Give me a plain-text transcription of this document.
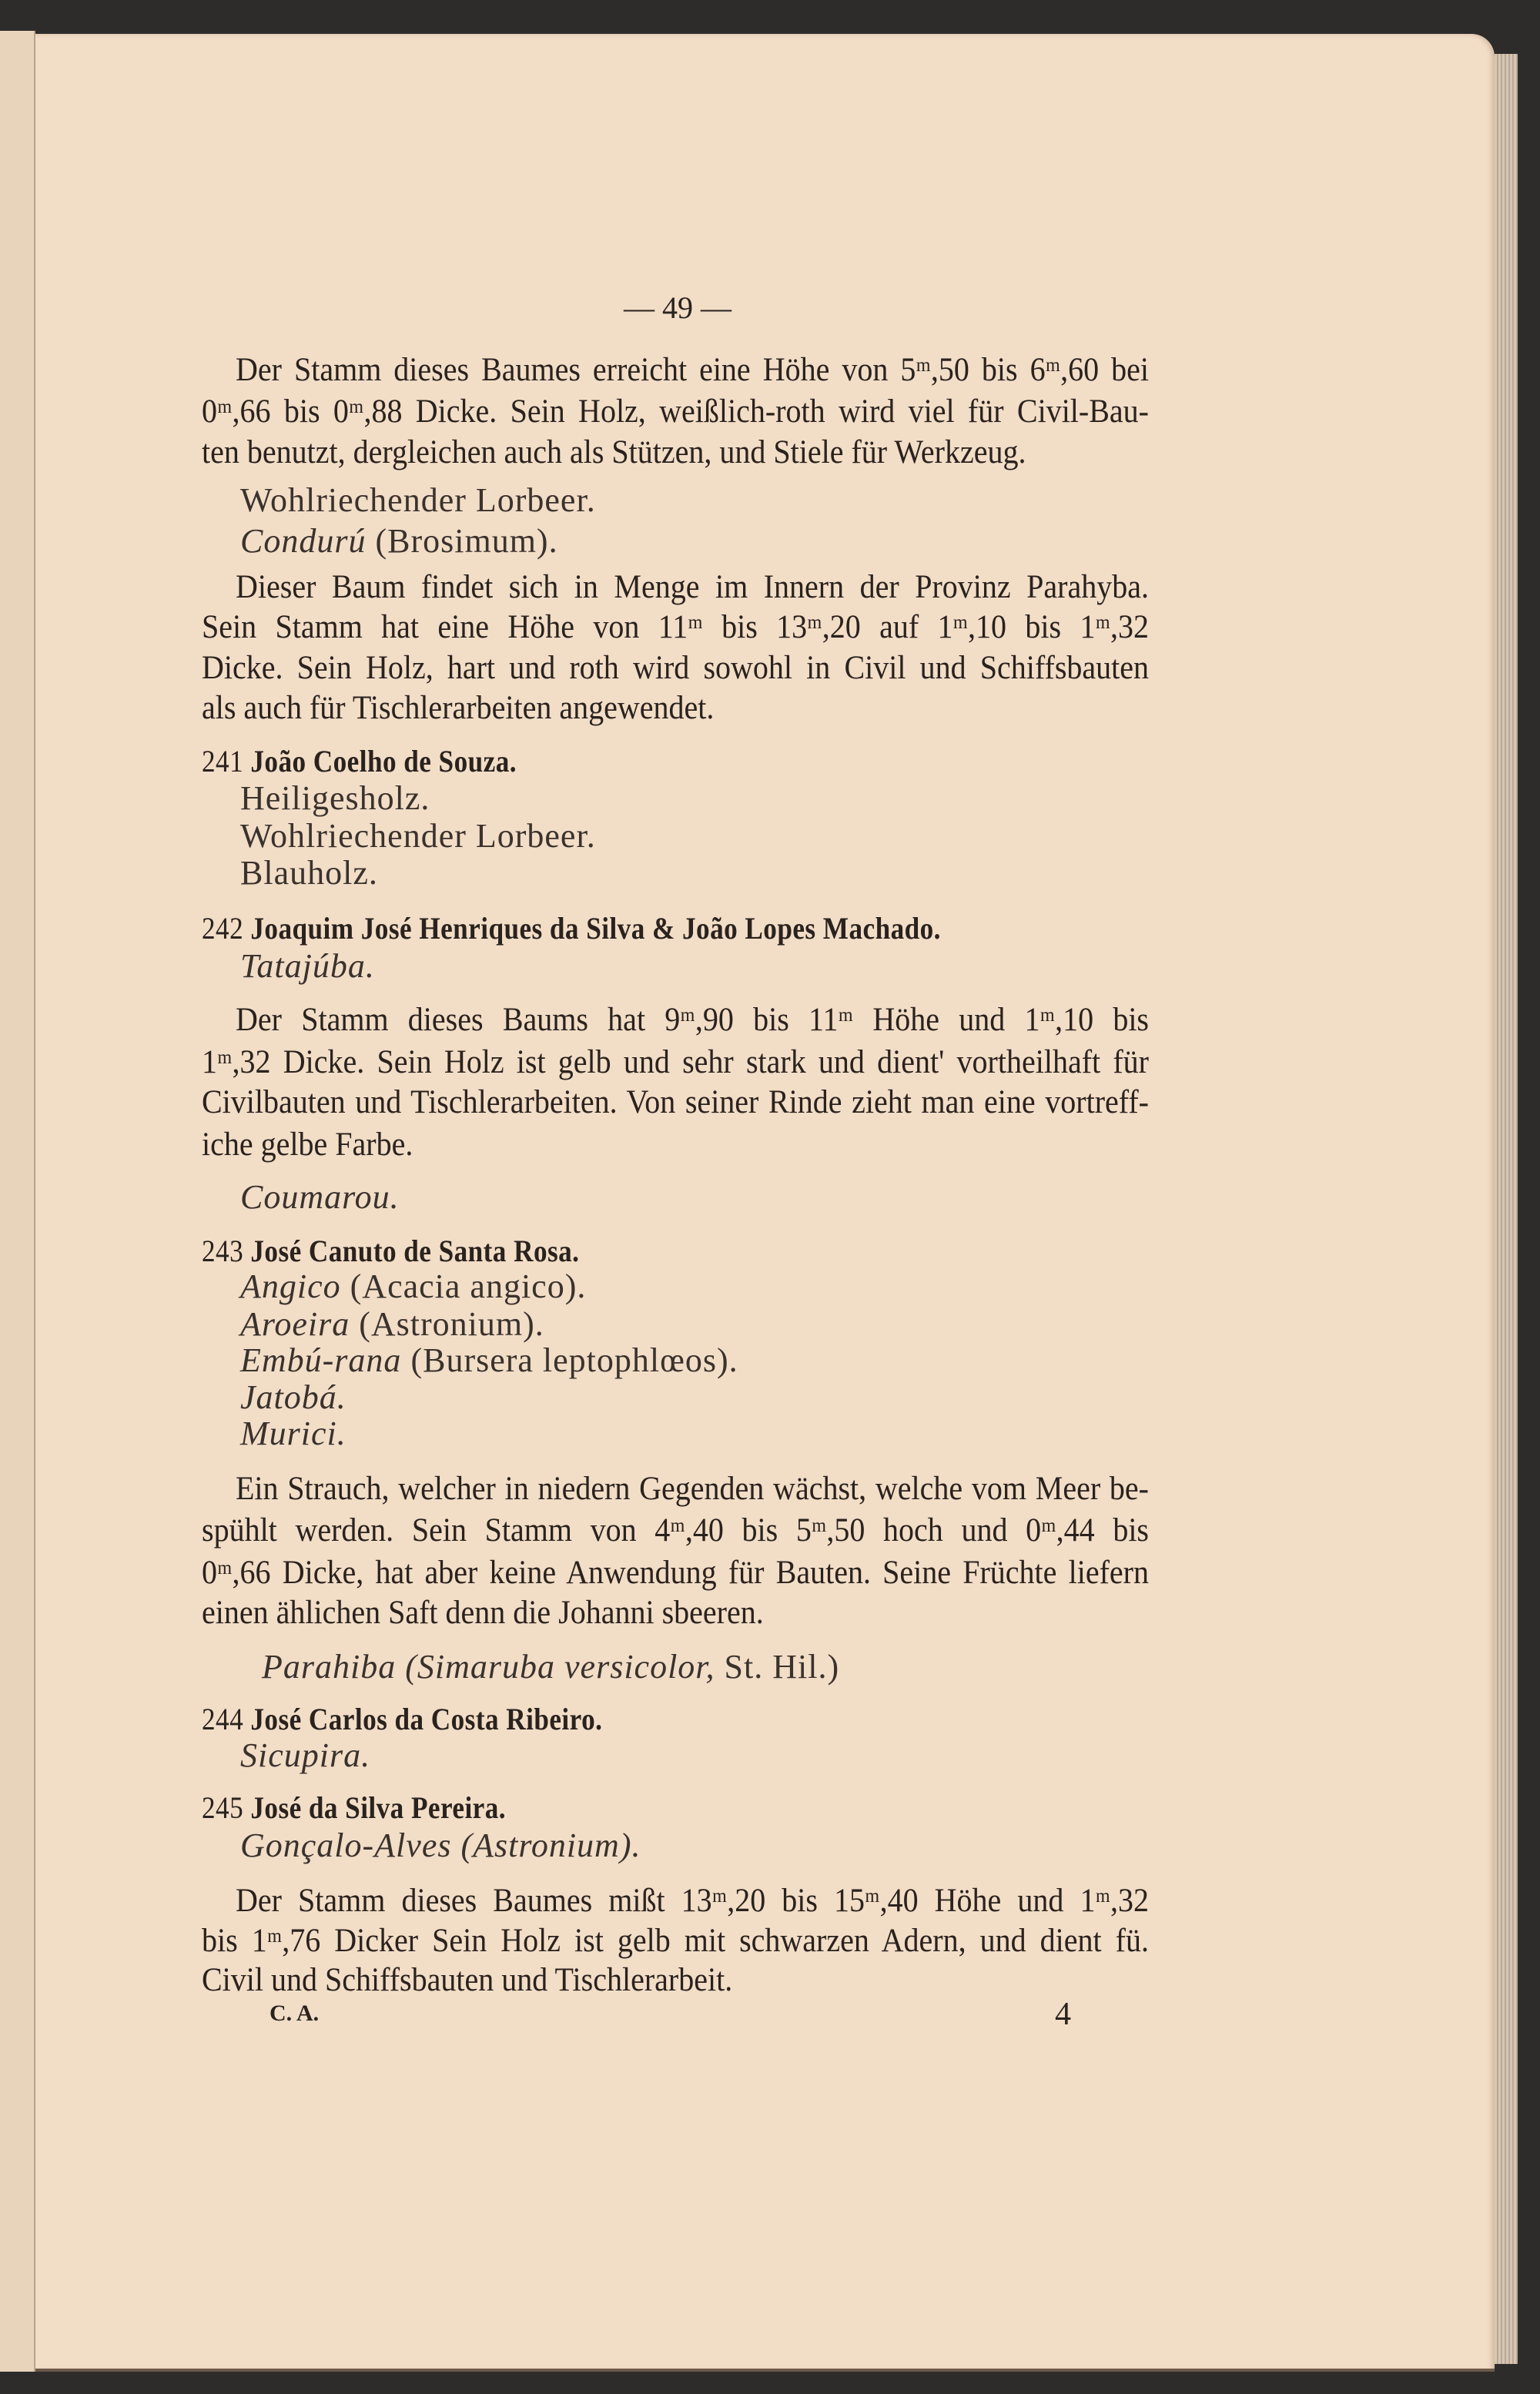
— 49 —
Der Stamm dieses Baumes erreicht eine Höhe von 5ᵐ,50 bis 6ᵐ,60 bei
0ᵐ,66 bis 0ᵐ,88 Dicke. Sein Holz, weißlich-roth wird viel für Civil-Bau-
ten benutzt, dergleichen auch als Stützen, und Stiele für Werkzeug.
Wohlriechender Lorbeer.
Condurú (Brosimum).
Dieser Baum findet sich in Menge im Innern der Provinz Parahyba.
Sein Stamm hat eine Höhe von 11ᵐ bis 13ᵐ,20 auf 1ᵐ,10 bis 1ᵐ,32
Dicke. Sein Holz, hart und roth wird sowohl in Civil und Schiffsbauten
als auch für Tischlerarbeiten angewendet.
241 João Coelho de Souza.
Heiligesholz.
Wohlriechender Lorbeer.
Blauholz.
242 Joaquim José Henriques da Silva & João Lopes Machado.
Tatajúba.
Der Stamm dieses Baums hat 9ᵐ,90 bis 11ᵐ Höhe und 1ᵐ,10 bis
1ᵐ,32 Dicke. Sein Holz ist gelb und sehr stark und dient' vortheilhaft für
Civilbauten und Tischlerarbeiten. Von seiner Rinde zieht man eine vortreff-
iche gelbe Farbe.
Coumarou.
243 José Canuto de Santa Rosa.
Angico (Acacia angico).
Aroeira (Astronium).
Embú-rana (Bursera leptophlœos).
Jatobá.
Murici.
Ein Strauch, welcher in niedern Gegenden wächst, welche vom Meer be-
spühlt werden. Sein Stamm von 4ᵐ,40 bis 5ᵐ,50 hoch und 0ᵐ,44 bis
0ᵐ,66 Dicke, hat aber keine Anwendung für Bauten. Seine Früchte liefern
einen ählichen Saft denn die Johanni sbeeren.
Parahiba (Simaruba versicolor, St. Hil.)
244 José Carlos da Costa Ribeiro.
Sicupira.
245 José da Silva Pereira.
Gonçalo-Alves (Astronium).
Der Stamm dieses Baumes mißt 13ᵐ,20 bis 15ᵐ,40 Höhe und 1ᵐ,32
bis 1ᵐ,76 Dicker Sein Holz ist gelb mit schwarzen Adern, und dient fü.
Civil und Schiffsbauten und Tischlerarbeit.
C. A.	4
